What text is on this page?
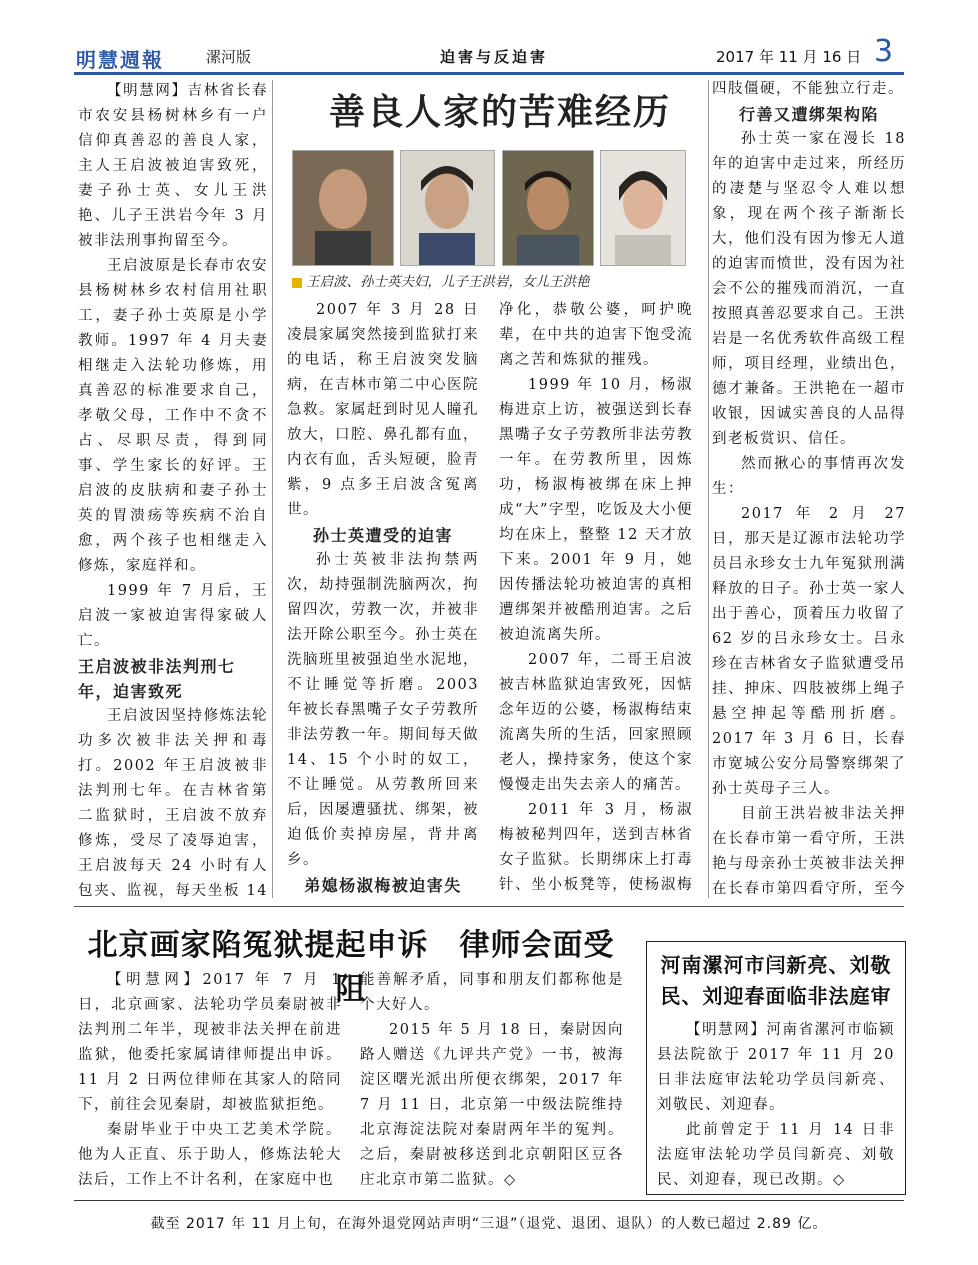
明慧週報	漯河版	迫害与反迫害	2017 年 11 月 16 日 3
善良人家的苦难经历
王启波、孙士英夫妇，儿子王洪岩，女儿王洪艳

【明慧网】吉林省长春市农安县杨树林乡有一户信仰真善忍的善良人家，主人王启波被迫害致死，妻子孙士英、女儿王洪艳、儿子王洪岩今年 3 月被非法刑事拘留至今。

王启波原是长春市农安县杨树林乡农村信用社职工，妻子孙士英原是小学教师。1997 年 4 月夫妻相继走入法轮功修炼，用真善忍的标准要求自己，孝敬父母，工作中不贪不占、尽职尽责，得到同事、学生家长的好评。王启波的皮肤病和妻子孙士英的胃溃疡等疾病不治自愈，两个孩子也相继走入修炼，家庭祥和。

1999 年 7 月后，王启波一家被迫害得家破人亡。

王启波被非法判刑七年，迫害致死

王启波因坚持修炼法轮功多次被非法关押和毒打。2002 年王启波被非法判刑七年。在吉林省第二监狱时，王启波不放弃修炼，受尽了凌辱迫害，王启波每天 24 小时有人包夹、监视，每天坐板 14

2007 年 3 月 28 日凌晨家属突然接到监狱打来的电话，称王启波突发脑病，在吉林市第二中心医院急救。家属赶到时见人瞳孔放大，口腔、鼻孔都有血，内衣有血，舌头短硬，脸青紫，9 点多王启波含冤离世。

孙士英遭受的迫害

孙士英被非法拘禁两次，劫持强制洗脑两次，拘留四次，劳教一次，并被非法开除公职至今。孙士英在洗脑班里被强迫坐水泥地，不让睡觉等折磨。2003 年被长春黑嘴子女子劳教所非法劳教一年。期间每天做 14、15 个小时的奴工，不让睡觉。从劳教所回来后，因屡遭骚扰、绑架，被迫低价卖掉房屋，背井离乡。

弟媳杨淑梅被迫害失

净化，恭敬公婆，呵护晚辈，在中共的迫害下饱受流离之苦和炼狱的摧残。

1999 年 10 月，杨淑梅进京上访，被强送到长春黑嘴子女子劳教所非法劳教一年。在劳教所里，因炼功，杨淑梅被绑在床上抻成“大”字型，吃饭及大小便均在床上，整整 12 天才放下来。2001 年 9 月，她因传播法轮功被迫害的真相遭绑架并被酷刑迫害。之后被迫流离失所。

2007 年，二哥王启波被吉林监狱迫害致死，因惦念年迈的公婆，杨淑梅结束流离失所的生活，回家照顾老人，操持家务，使这个家慢慢走出失去亲人的痛苦。

2011 年 3 月，杨淑梅被秘判四年，送到吉林省女子监狱。长期绑床上打毒针、坐小板凳等，使杨淑梅

四肢僵硬，不能独立行走。

行善又遭绑架构陷

孙士英一家在漫长 18 年的迫害中走过来，所经历的凄楚与坚忍令人难以想象，现在两个孩子渐渐长大，他们没有因为惨无人道的迫害而愤世，没有因为社会不公的摧残而消沉，一直按照真善忍要求自己。王洪岩是一名优秀软件高级工程师，项目经理，业绩出色，德才兼备。王洪艳在一超市收银，因诚实善良的人品得到老板赏识、信任。

然而揪心的事情再次发生：

2017 年 2 月 27 日，那天是辽源市法轮功学员吕永珍女士九年冤狱刑满释放的日子。孙士英一家人出于善心，顶着压力收留了 62 岁的吕永珍女士。吕永珍在吉林省女子监狱遭受吊挂、抻床、四肢被绑上绳子悬空抻起等酷刑折磨。2017 年 3 月 6 日，长春市宽城公安分局警察绑架了孙士英母子三人。

目前王洪岩被非法关押在长春市第一看守所，王洪艳与母亲孙士英被非法关押在长春市第四看守所，至今

北京画家陷冤狱提起申诉　律师会面受阻

【明慧网】2017 年 7 月 1 日，北京画家、法轮功学员秦尉被非法判刑二年半，现被非法关押在前进监狱，他委托家属请律师提出申诉。11 月 2 日两位律师在其家人的陪同下，前往会见秦尉，却被监狱拒绝。

秦尉毕业于中央工艺美术学院。他为人正直、乐于助人，修炼法轮大法后，工作上不计名利，在家庭中也

能善解矛盾，同事和朋友们都称他是个大好人。

2015 年 5 月 18 日，秦尉因向路人赠送《九评共产党》一书，被海淀区曙光派出所便衣绑架，2017 年 7 月 11 日，北京第一中级法院维持北京海淀法院对秦尉两年半的冤判。之后，秦尉被移送到北京朝阳区豆各庄北京市第二监狱。◇

河南漯河市闫新亮、刘敬民、刘迎春面临非法庭审

【明慧网】河南省漯河市临颍县法院欲于 2017 年 11 月 20 日非法庭审法轮功学员闫新亮、刘敬民、刘迎春。

此前曾定于 11 月 14 日非法庭审法轮功学员闫新亮、刘敬民、刘迎春，现已改期。◇

截至 2017 年 11 月上旬，在海外退党网站声明“三退”（退党、退团、退队）的人数已超过 2.89 亿。
